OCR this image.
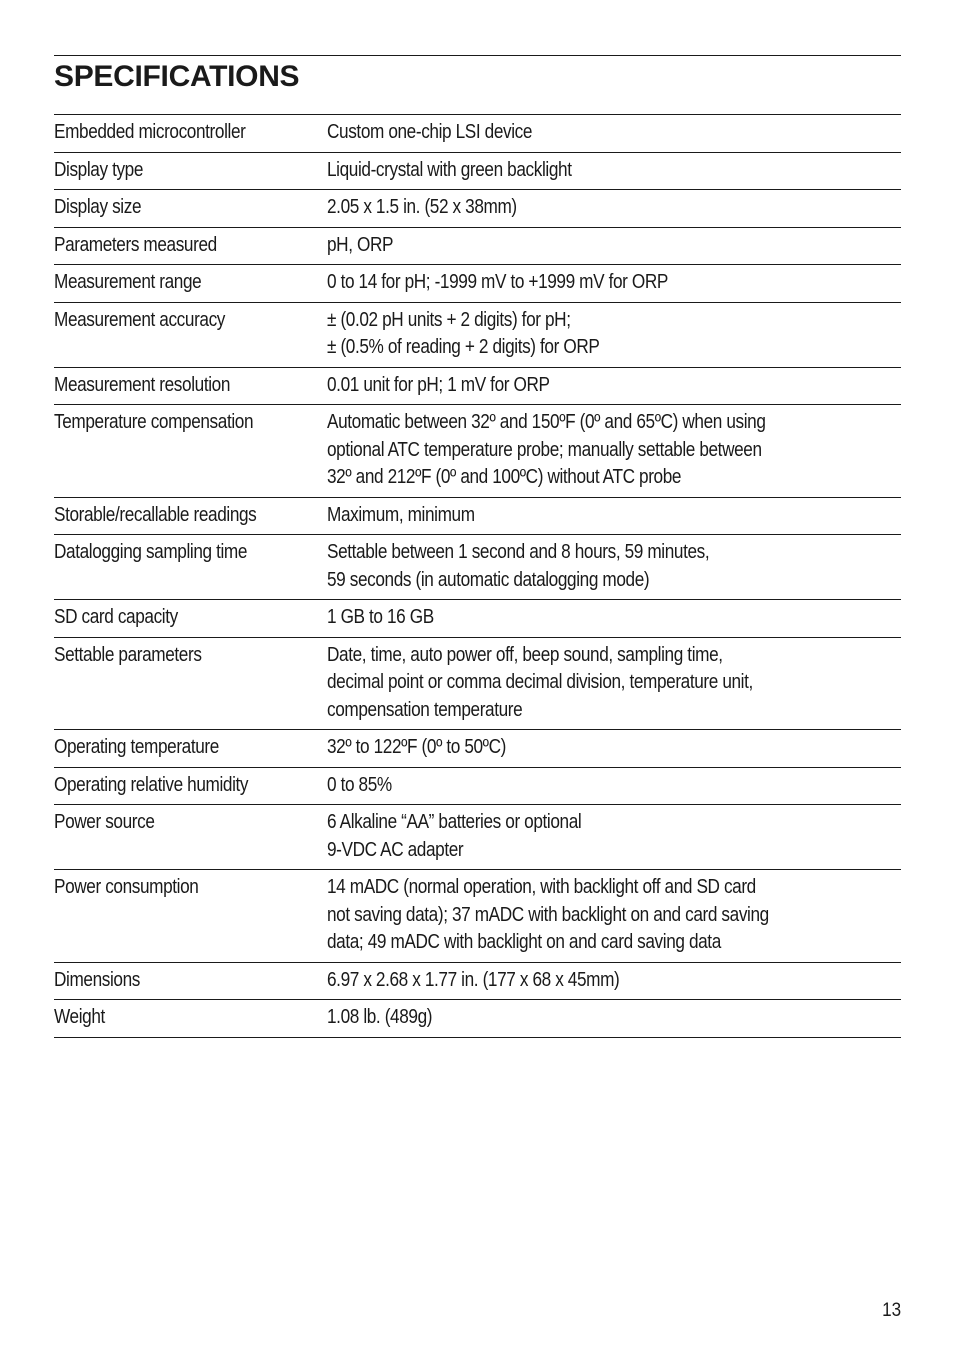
SPECIFICATIONS
Embedded microcontroller	Custom one-chip LSI device
Display type	Liquid-crystal with green backlight
Display size	2.05 x 1.5 in. (52 x 38mm)
Parameters measured	pH, ORP
Measurement range	0 to 14 for pH; -1999 mV to +1999 mV for ORP
Measurement accuracy	± (0.02 pH units + 2 digits) for pH;
± (0.5% of reading + 2 digits) for ORP
Measurement resolution	0.01 unit for pH; 1 mV for ORP
Temperature compensation	Automatic between 32º and 150ºF (0º and 65ºC) when using
optional ATC temperature probe; manually settable between
32º and 212ºF (0º and 100ºC) without ATC probe
Storable/recallable readings	Maximum, minimum
Datalogging sampling time	Settable between 1 second and 8 hours, 59 minutes,
59 seconds (in automatic datalogging mode)
SD card capacity	1 GB to 16 GB
Settable parameters	Date, time, auto power off, beep sound, sampling time,
decimal point or comma decimal division, temperature unit,
compensation temperature
Operating temperature	32º to 122ºF (0º to 50ºC)
Operating relative humidity	0 to 85%
Power source	6 Alkaline “AA” batteries or optional
9-VDC AC adapter
Power consumption	14 mADC (normal operation, with backlight off and SD card
not saving data); 37 mADC with backlight on and card saving
data; 49 mADC with backlight on and card saving data
Dimensions	6.97 x 2.68 x 1.77 in. (177 x 68 x 45mm)
Weight	1.08 lb. (489g)
13
